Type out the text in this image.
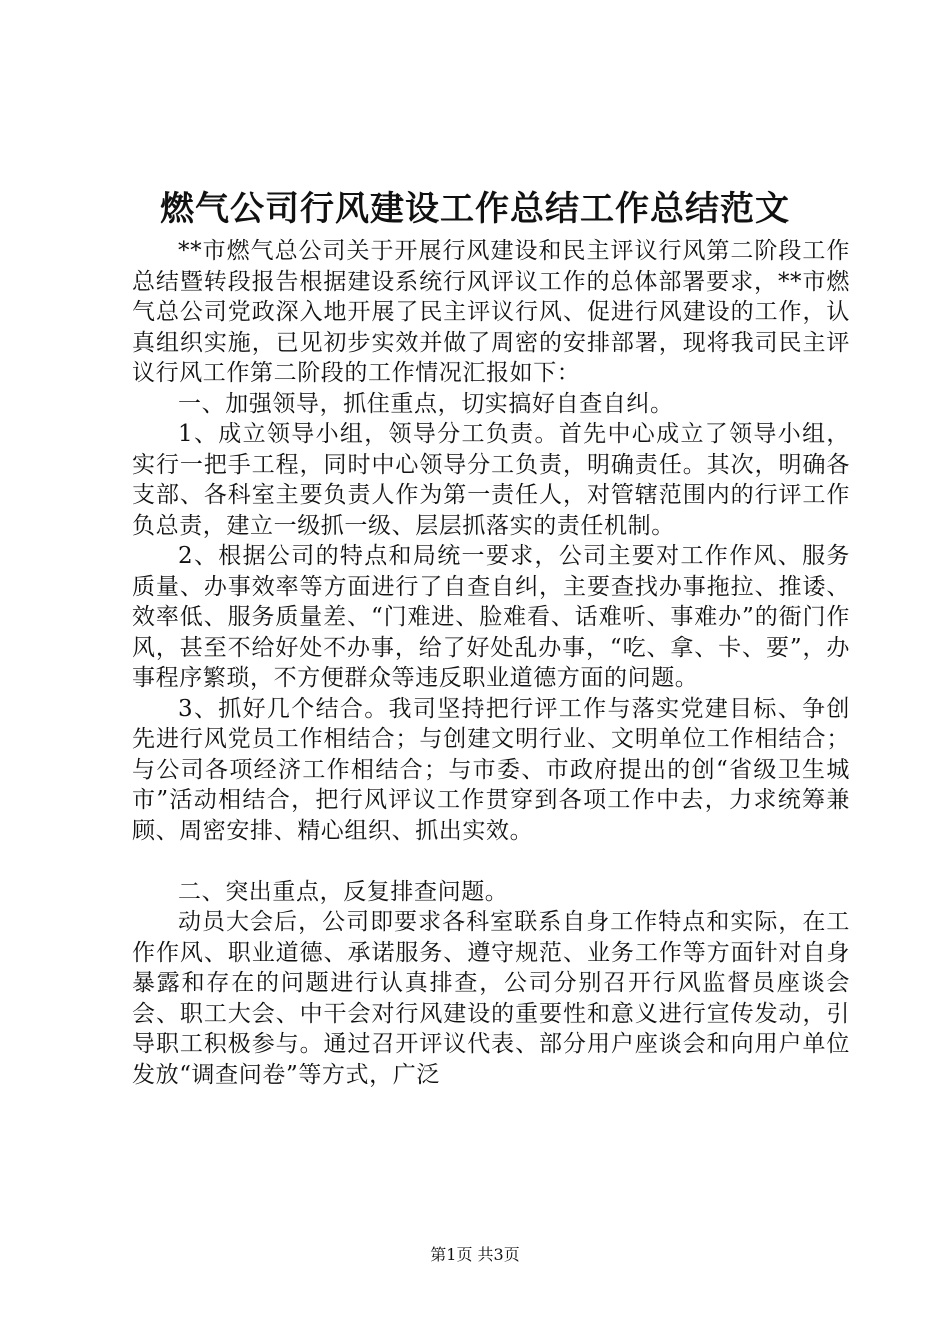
燃气公司行风建设工作总结工作总结范文

**市燃气总公司关于开展行风建设和民主评议行风第二阶段工作总结暨转段报告根据建设系统行风评议工作的总体部署要求，**市燃气总公司党政深入地开展了民主评议行风、促进行风建设的工作，认真组织实施，已见初步实效并做了周密的安排部署，现将我司民主评议行风工作第二阶段的工作情况汇报如下：

一、加强领导，抓住重点，切实搞好自查自纠。

1、成立领导小组，领导分工负责。首先中心成立了领导小组，实行一把手工程，同时中心领导分工负责，明确责任。其次，明确各支部、各科室主要负责人作为第一责任人，对管辖范围内的行评工作负总责，建立一级抓一级、层层抓落实的责任机制。

2、根据公司的特点和局统一要求，公司主要对工作作风、服务质量、办事效率等方面进行了自查自纠，主要查找办事拖拉、推诿、效率低、服务质量差、“门难进、脸难看、话难听、事难办”的衙门作风，甚至不给好处不办事，给了好处乱办事，“吃、拿、卡、要”，办事程序繁琐，不方便群众等违反职业道德方面的问题。

3、抓好几个结合。我司坚持把行评工作与落实党建目标、争创先进行风党员工作相结合；与创建文明行业、文明单位工作相结合；与公司各项经济工作相结合；与市委、市政府提出的创“省级卫生城市”活动相结合，把行风评议工作贯穿到各项工作中去，力求统筹兼顾、周密安排、精心组织、抓出实效。

二、突出重点，反复排查问题。

动员大会后，公司即要求各科室联系自身工作特点和实际，在工作作风、职业道德、承诺服务、遵守规范、业务工作等方面针对自身暴露和存在的问题进行认真排查，公司分别召开行风监督员座谈会会、职工大会、中干会对行风建设的重要性和意义进行宣传发动，引导职工积极参与。通过召开评议代表、部分用户座谈会和向用户单位发放“调查问卷”等方式，广泛

第1页 共3页
